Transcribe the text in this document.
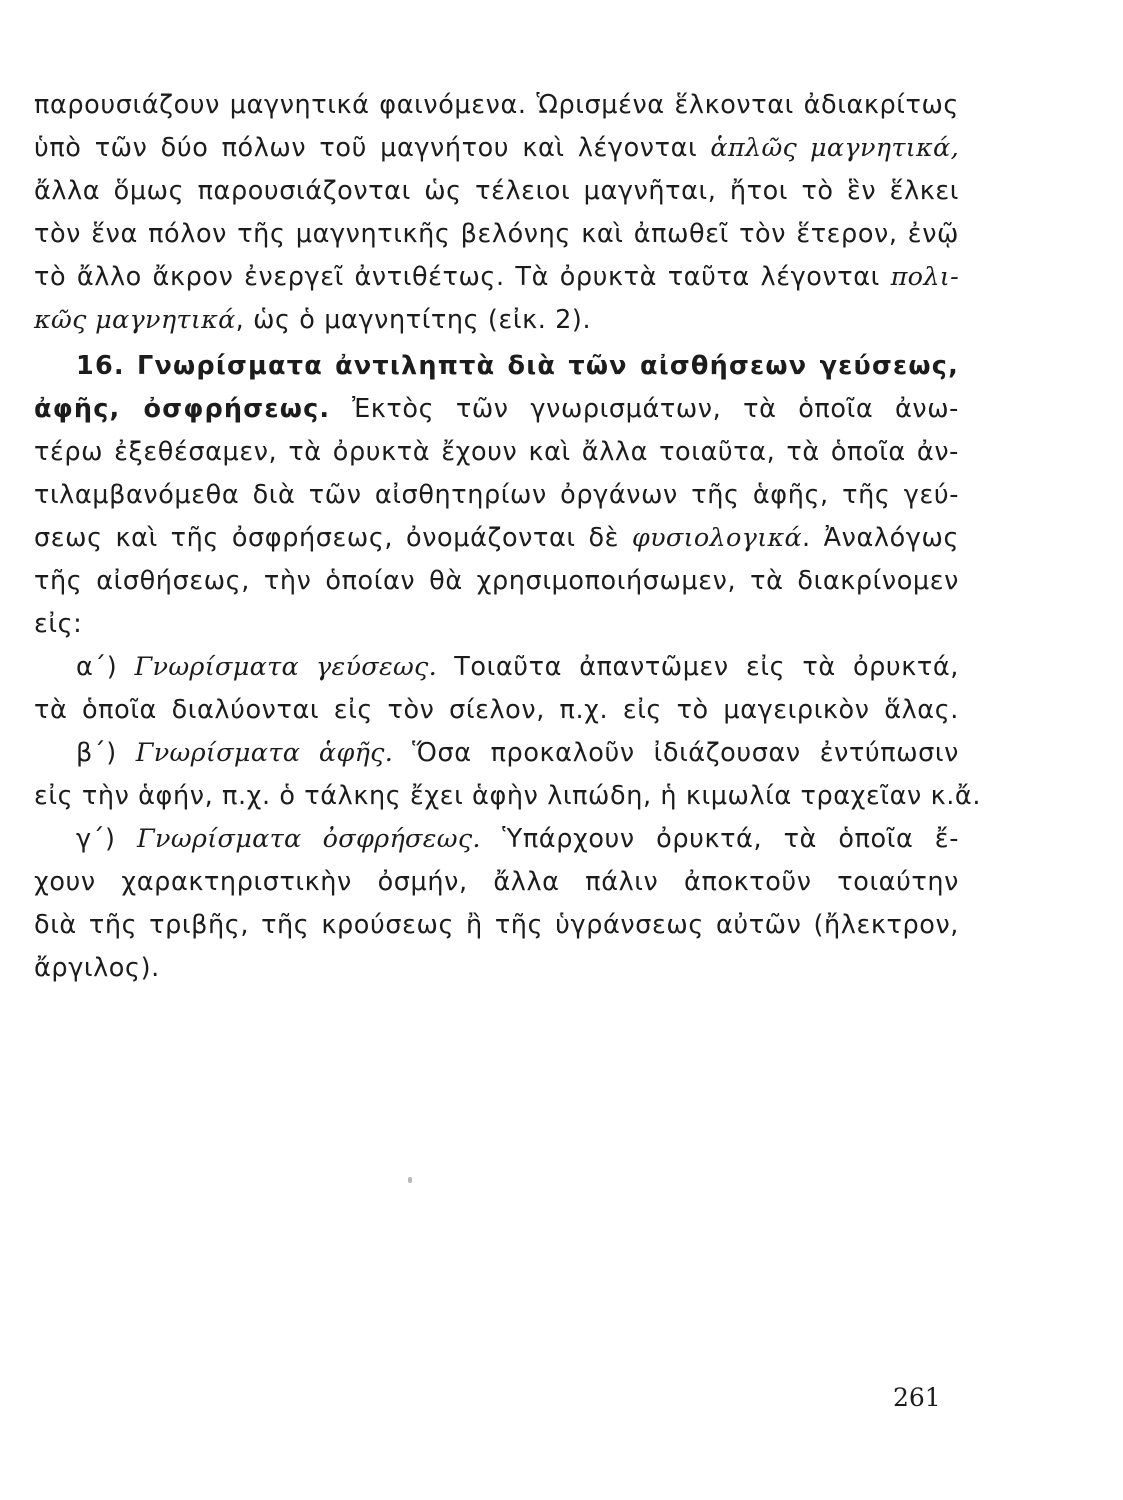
παρουσιάζουν μαγνητικά φαινόμενα. Ὡρισμένα ἕλκονται ἀδιακρίτως
ὑπὸ τῶν δύο πόλων τοῦ μαγνήτου καὶ λέγονται ἁπλῶς μαγνητικά,
ἄλλα ὅμως παρουσιάζονται ὡς τέλειοι μαγνῆται, ἤτοι τὸ ἓν ἕλκει
τὸν ἕνα πόλον τῆς μαγνητικῆς βελόνης καὶ ἀπωθεῖ τὸν ἕτερον, ἐνῷ
τὸ ἄλλο ἄκρον ἐνεργεῖ ἀντιθέτως. Τὰ ὀρυκτὰ ταῦτα λέγονται πολι-
κῶς μαγνητικά, ὡς ὁ μαγνητίτης (εἰκ. 2).
16. Γνωρίσματα ἀντιληπτὰ διὰ τῶν αἰσθήσεων γεύσεως,
ἀφῆς, ὀσφρήσεως. Ἐκτὸς τῶν γνωρισμάτων, τὰ ὁποῖα ἀνω-
τέρω ἐξεθέσαμεν, τὰ ὀρυκτὰ ἔχουν καὶ ἄλλα τοιαῦτα, τὰ ὁποῖα ἀν-
τιλαμβανόμεθα διὰ τῶν αἰσθητηρίων ὀργάνων τῆς ἁφῆς, τῆς γεύ-
σεως καὶ τῆς ὀσφρήσεως, ὀνομάζονται δὲ φυσιολογικά. Ἀναλόγως
τῆς αἰσθήσεως, τὴν ὁποίαν θὰ χρησιμοποιήσωμεν, τὰ διακρίνομεν
εἰς:
α΄) Γνωρίσματα γεύσεως. Τοιαῦτα ἀπαντῶμεν εἰς τὰ ὀρυκτά,
τὰ ὁποῖα διαλύονται εἰς τὸν σίελον, π.χ. εἰς τὸ μαγειρικὸν ἅλας.
β΄) Γνωρίσματα ἁφῆς. Ὅσα προκαλοῦν ἰδιάζουσαν ἐντύπωσιν
εἰς τὴν ἁφήν, π.χ. ὁ τάλκης ἔχει ἁφὴν λιπώδη, ἡ κιμωλία τραχεῖαν κ.ἄ.
γ΄) Γνωρίσματα ὀσφρήσεως. Ὑπάρχουν ὀρυκτά, τὰ ὁποῖα ἔ-
χουν χαρακτηριστικὴν ὀσμήν, ἄλλα πάλιν ἀποκτοῦν τοιαύτην
διὰ τῆς τριβῆς, τῆς κρούσεως ἢ τῆς ὑγράνσεως αὐτῶν (ἤλεκτρον,
ἄργιλος).
261
